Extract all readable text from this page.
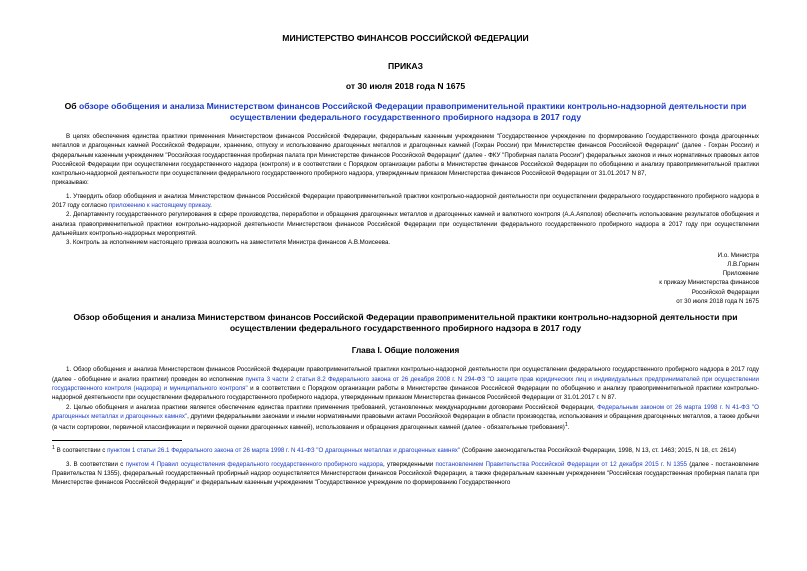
МИНИСТЕРСТВО ФИНАНСОВ РОССИЙСКОЙ ФЕДЕРАЦИИ
ПРИКАЗ
от 30 июля 2018 года N 1675
Об обзоре обобщения и анализа Министерством финансов Российской Федерации правоприменительной практики контрольно-надзорной деятельности при осуществлении федерального государственного пробирного надзора в 2017 году

В целях обеспечения единства практики применения Министерством финансов Российской Федерации, федеральным казенным учреждением "Государственное учреждение по формированию Государственного фонда драгоценных металлов и драгоценных камней Российской Федерации, хранению, отпуску и использованию драгоценных металлов и драгоценных камней (Гохран России) при Министерстве финансов Российской Федерации" (далее - Гохран России) и федеральным казенным учреждением "Российская государственная пробирная палата при Министерстве финансов Российской Федерации" (далее - ФКУ "Пробирная палата России") федеральных законов и иных нормативных правовых актов Российской Федерации при осуществлении государственного надзора (контроля) и в соответствии с Порядком организации работы в Министерстве финансов Российской Федерации по обобщению и анализу правоприменительной практики контрольно-надзорной деятельности при осуществлении федерального государственного пробирного надзора, утвержденным приказом Министерства финансов Российской Федерации от 31.01.2017 N 87,

приказываю:

1. Утвердить обзор обобщения и анализа Министерством финансов Российской Федерации правоприменительной практики контрольно-надзорной деятельности при осуществлении федерального государственного пробирного надзора в 2017 году согласно приложению к настоящему приказу.

2. Департаменту государственного регулирования в сфере производства, переработки и обращения драгоценных металлов и драгоценных камней и валютного контроля (А.А.Аяполов) обеспечить использование результатов обобщения и анализа правоприменительной практики контрольно-надзорной деятельности Министерством финансов Российской Федерации при осуществлении федерального государственного пробирного надзора в 2017 году при осуществлении дальнейших контрольно-надзорных мероприятий.

3. Контроль за исполнением настоящего приказа возложить на заместителя Министра финансов А.В.Моисеева.

И.о. Министра
Л.В.Горнин
Приложение
к приказу Министерства финансов
Российской Федерации
от 30 июля 2018 года N 1675
Обзор обобщения и анализа Министерством финансов Российской Федерации правоприменительной практики контрольно-надзорной деятельности при осуществлении федерального государственного пробирного надзора в 2017 году
Глава I. Общие положения

1. Обзор обобщения и анализа Министерством финансов Российской Федерации правоприменительной практики контрольно-надзорной деятельности при осуществлении федерального государственного пробирного надзора в 2017 году (далее - обобщение и анализ практики) проведен во исполнение пункта 3 части 2 статьи 8.2 Федерального закона от 26 декабря 2008 г. N 294-ФЗ "О защите прав юридических лиц и индивидуальных предпринимателей при осуществлении государственного контроля (надзора) и муниципального контроля" и в соответствии с Порядком организации работы в Министерстве финансов Российской Федерации по обобщению и анализу правоприменительной практики контрольно-надзорной деятельности при осуществлении федерального государственного пробирного надзора, утвержденным приказом Министерства финансов Российской Федерации от 31.01.2017 г. N 87.

2. Целью обобщения и анализа практики является обеспечение единства практики применения требований, установленных международными договорами Российской Федерации, Федеральным законом от 26 марта 1998 г. N 41-ФЗ "О драгоценных металлах и драгоценных камнях", другими федеральными законами и иными нормативными правовыми актами Российской Федерации в области производства, использования и обращения драгоценных металлов, а также добычи (в части сортировки, первичной классификации и первичной оценки драгоценных камней), использования и обращения драгоценных камней (далее - обязательные требования)$^1$.

$^1$ В соответствии с пунктом 1 статьи 26.1 Федерального закона от 26 марта 1998 г. N 41-ФЗ "О драгоценных металлах и драгоценных камнях" (Собрание законодательства Российской Федерации, 1998, N 13, ст. 1463; 2015, N 18, ст. 2614)

3. В соответствии с пунктом 4 Правил осуществления федерального государственного пробирного надзора, утвержденными постановлением Правительства Российской Федерации от 12 декабря 2015 г. N 1355 (далее - постановление Правительства N 1355), федеральный государственный пробирный надзор осуществляется Министерством финансов Российской Федерации, а также федеральным казенным учреждением "Российская государственная пробирная палата при Министерстве финансов Российской Федерации" и федеральным казенным учреждением "Государственное учреждение по формированию Государственного
